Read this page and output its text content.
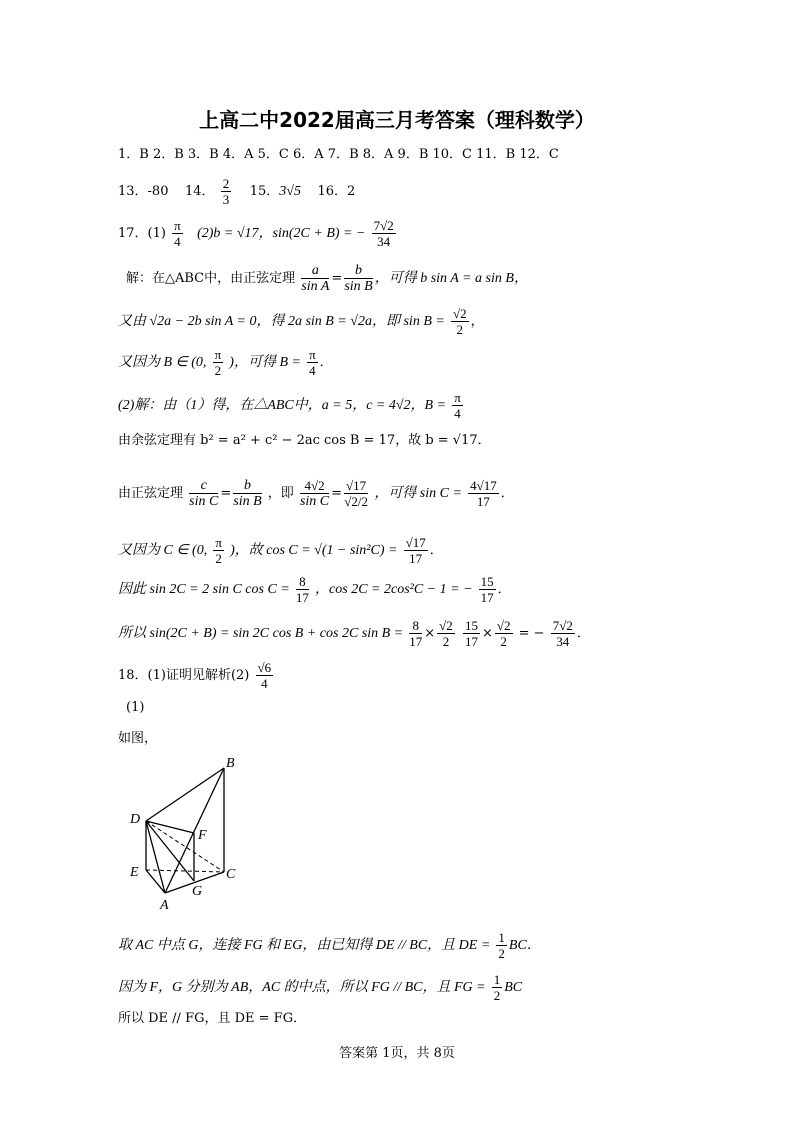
上高二中2022届高三月考答案（理科数学）
1．B 2．B 3．B 4．A 5．C 6．A 7．B 8．A 9．B 10．C 11．B 12．C
13．-80 14． $\frac{2}{3} 15$．3√5 16．2
17．$(1) \frac{\pi}{4} (2)b = √17$，sin(2C + B) = − $\frac{7√2}{34}$
解：在△ABC中，由正弦定理 $\frac{a}{\text{sin A}} = \frac{b}{\text{sin B}}$ ，可得 b sin A = a sin B，
又由 √2a − 2b sin A = 0，得 2a sin B = √2a，即 $\sin B = \frac{√2}{2}$ ，
又因为 B ∈ (0, $\frac{\pi}{2}$ )，可得 $B = \frac{\pi}{4}$ ．
(2)解：由（1）得，在△ABC中，a = 5，c = 4√2，$B = \frac{\pi}{4}$
由余弦定理有 b² = a² + c² − 2ac cos B = 17，故 b = √17．
由正弦定理 $\frac{c}{\text{sin C}} = \frac{b}{\text{sin B}}$ ，即 $\frac{4√2}{\text{sin C}} = \frac{√17}{√2/2}$ ，可得 $\sin C = \frac{4√17}{17}$ ．
又因为 C ∈ (0, $\frac{\pi}{2}$ )，故 $\cos C = √(1 - \sin^2C) = \frac{√17}{17}$ ．
因此 sin 2C = 2 sin C $\cos C = \frac{8}{17}$ ，cos 2C = 2cos²C − 1 = − $\frac{15}{17}$ ．
所以 sin(2C + B) = sin 2C cos B + cos 2C $\sin B = \frac{8}{17} \times \frac{√2}{2}$
$\frac{15}{17} \times \frac{√2}{2}$ = − $\frac{7√2}{34}$ ．
18．(1)证明见解析$(2) \frac{√6}{4}$
(1)
如图，
B
D
F
E	C
G
A
取 AC 中点 G，连接 FG 和 EG，由已知得 DE // BC，且 DE = $\frac{1}{2}$ BC．
因为 F，G 分别为 AB，AC 的中点，所以 FG // BC，且 FG = $\frac{1}{2}$ BC
所以 DE // FG，且 DE = FG．
答案第 1页，共 8页
